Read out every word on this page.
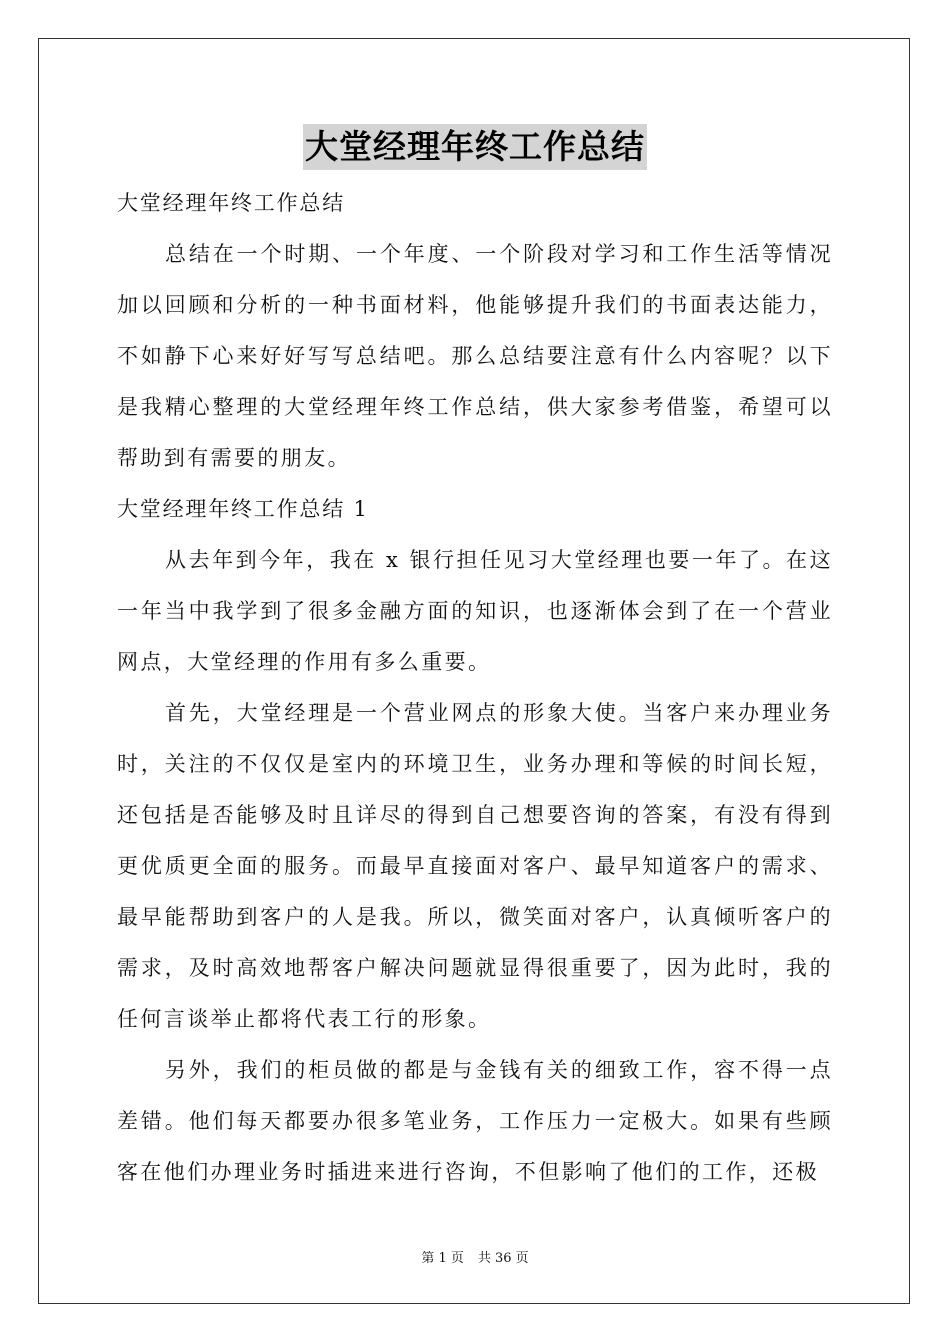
大堂经理年终工作总结

大堂经理年终工作总结

总结在一个时期、一个年度、一个阶段对学习和工作生活等情况加以回顾和分析的一种书面材料，他能够提升我们的书面表达能力，不如静下心来好好写写总结吧。那么总结要注意有什么内容呢？以下是我精心整理的大堂经理年终工作总结，供大家参考借鉴，希望可以帮助到有需要的朋友。

大堂经理年终工作总结 1

从去年到今年，我在 x 银行担任见习大堂经理也要一年了。在这一年当中我学到了很多金融方面的知识，也逐渐体会到了在一个营业网点，大堂经理的作用有多么重要。

首先，大堂经理是一个营业网点的形象大使。当客户来办理业务时，关注的不仅仅是室内的环境卫生，业务办理和等候的时间长短，还包括是否能够及时且详尽的得到自己想要咨询的答案，有没有得到更优质更全面的服务。而最早直接面对客户、最早知道客户的需求、最早能帮助到客户的人是我。所以，微笑面对客户，认真倾听客户的需求，及时高效地帮客户解决问题就显得很重要了，因为此时，我的任何言谈举止都将代表工行的形象。

另外，我们的柜员做的都是与金钱有关的细致工作，容不得一点差错。他们每天都要办很多笔业务，工作压力一定极大。如果有些顾客在他们办理业务时插进来进行咨询，不但影响了他们的工作，还极

第 1 页 共 36 页
